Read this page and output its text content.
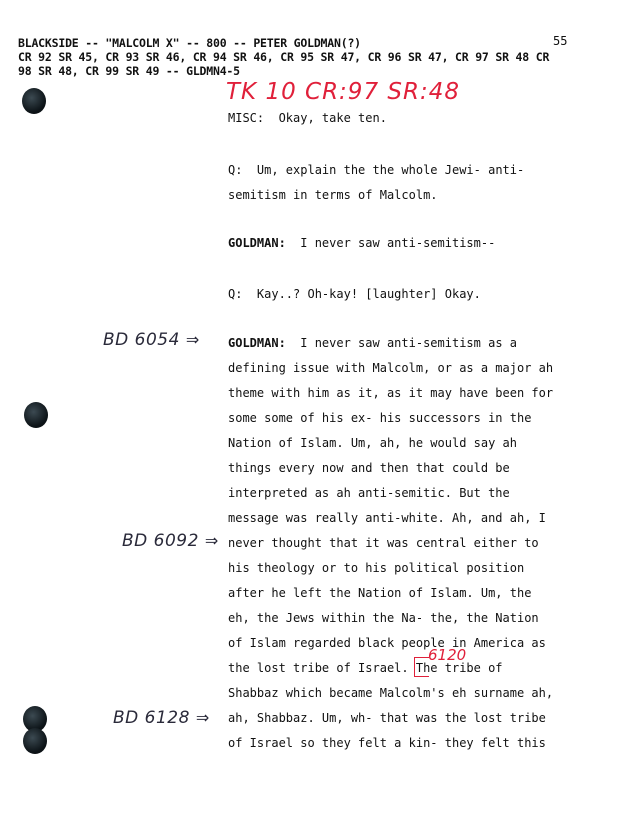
BLACKSIDE -- "MALCOLM X" -- 800 -- PETER GOLDMAN(?)
CR 92 SR 45, CR 93 SR 46, CR 94 SR 46, CR 95 SR 47, CR 96 SR 47, CR 97 SR 48 CR
98 SR 48, CR 99 SR 49 -- GLDMN4-5
55
TK 10 CR:97 SR:48
BD 6054 ⇒
BD 6092 ⇒
BD 6128 ⇒
6120
MISC: Okay, take ten.
Q: Um, explain the the whole Jewi- anti-
semitism in terms of Malcolm.
GOLDMAN: I never saw anti-semitism--
Q: Kay..? Oh-kay! [laughter] Okay.
GOLDMAN: I never saw anti-semitism as a
defining issue with Malcolm, or as a major ah
theme with him as it, as it may have been for
some some of his ex- his successors in the
Nation of Islam. Um, ah, he would say ah
things every now and then that could be
interpreted as ah anti-semitic. But the
message was really anti-white. Ah, and ah, I
never thought that it was central either to
his theology or to his political position
after he left the Nation of Islam. Um, the
eh, the Jews within the Na- the, the Nation
of Islam regarded black people in America as
the lost tribe of Israel. The tribe of
Shabbaz which became Malcolm's eh surname ah,
ah, Shabbaz. Um, wh- that was the lost tribe
of Israel so they felt a kin- they felt this
